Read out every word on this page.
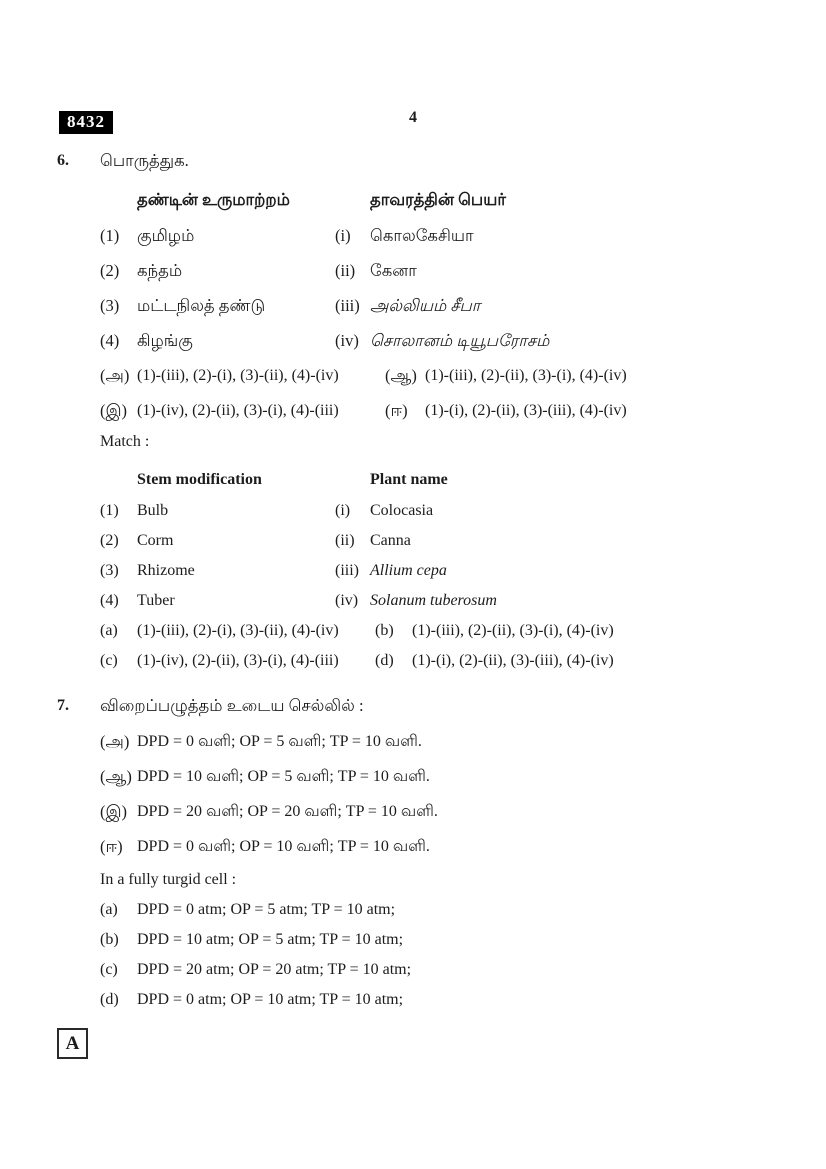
8432	4
6.	பொருத்துக.
தண்டின் உருமாற்றம்	தாவரத்தின் பெயர்
(1)	குமிழம்	(i)	கொலகேசியா
(2)	கந்தம்	(ii) கேனா
(3)	மட்டநிலத் தண்டு	(iii) அல்லியம் சீபா
(4)	கிழங்கு	(iv) சொலானம் டியூபரோசம்
(அ) (1)-(iii), (2)-(i), (3)-(ii), (4)-(iv)	(ஆ) (1)-(iii), (2)-(ii), (3)-(i), (4)-(iv)
(இ) (1)-(iv), (2)-(ii), (3)-(i), (4)-(iii)	(ஈ)	(1)-(i), (2)-(ii), (3)-(iii), (4)-(iv)
Match :
Stem modification	Plant name
(1)	Bulb	(i)	Colocasia
(2)	Corm	(ii) Canna
(3)	Rhizome	(iii) Allium cepa
(4)	Tuber	(iv) Solanum tuberosum
(a)	(1)-(iii), (2)-(i), (3)-(ii), (4)-(iv)	(b)	(1)-(iii), (2)-(ii), (3)-(i), (4)-(iv)
(c)	(1)-(iv), (2)-(ii), (3)-(i), (4)-(iii)	(d)	(1)-(i), (2)-(ii), (3)-(iii), (4)-(iv)
7.	விறைப்பழுத்தம் உடைய செல்லில் :
(அ) DPD = 0 வளி; OP = 5 வளி; TP = 10 வளி.
(ஆ) DPD = 10 வளி; OP = 5 வளி; TP = 10 வளி.
(இ) DPD = 20 வளி; OP = 20 வளி; TP = 10 வளி.
(ஈ) DPD = 0 வளி; OP = 10 வளி; TP = 10 வளி.
In a fully turgid cell :
(a)	DPD = 0 atm; OP = 5 atm; TP = 10 atm;
(b)	DPD = 10 atm; OP = 5 atm; TP = 10 atm;
(c)	DPD = 20 atm; OP = 20 atm; TP = 10 atm;
(d)	DPD = 0 atm; OP = 10 atm; TP = 10 atm;
A
